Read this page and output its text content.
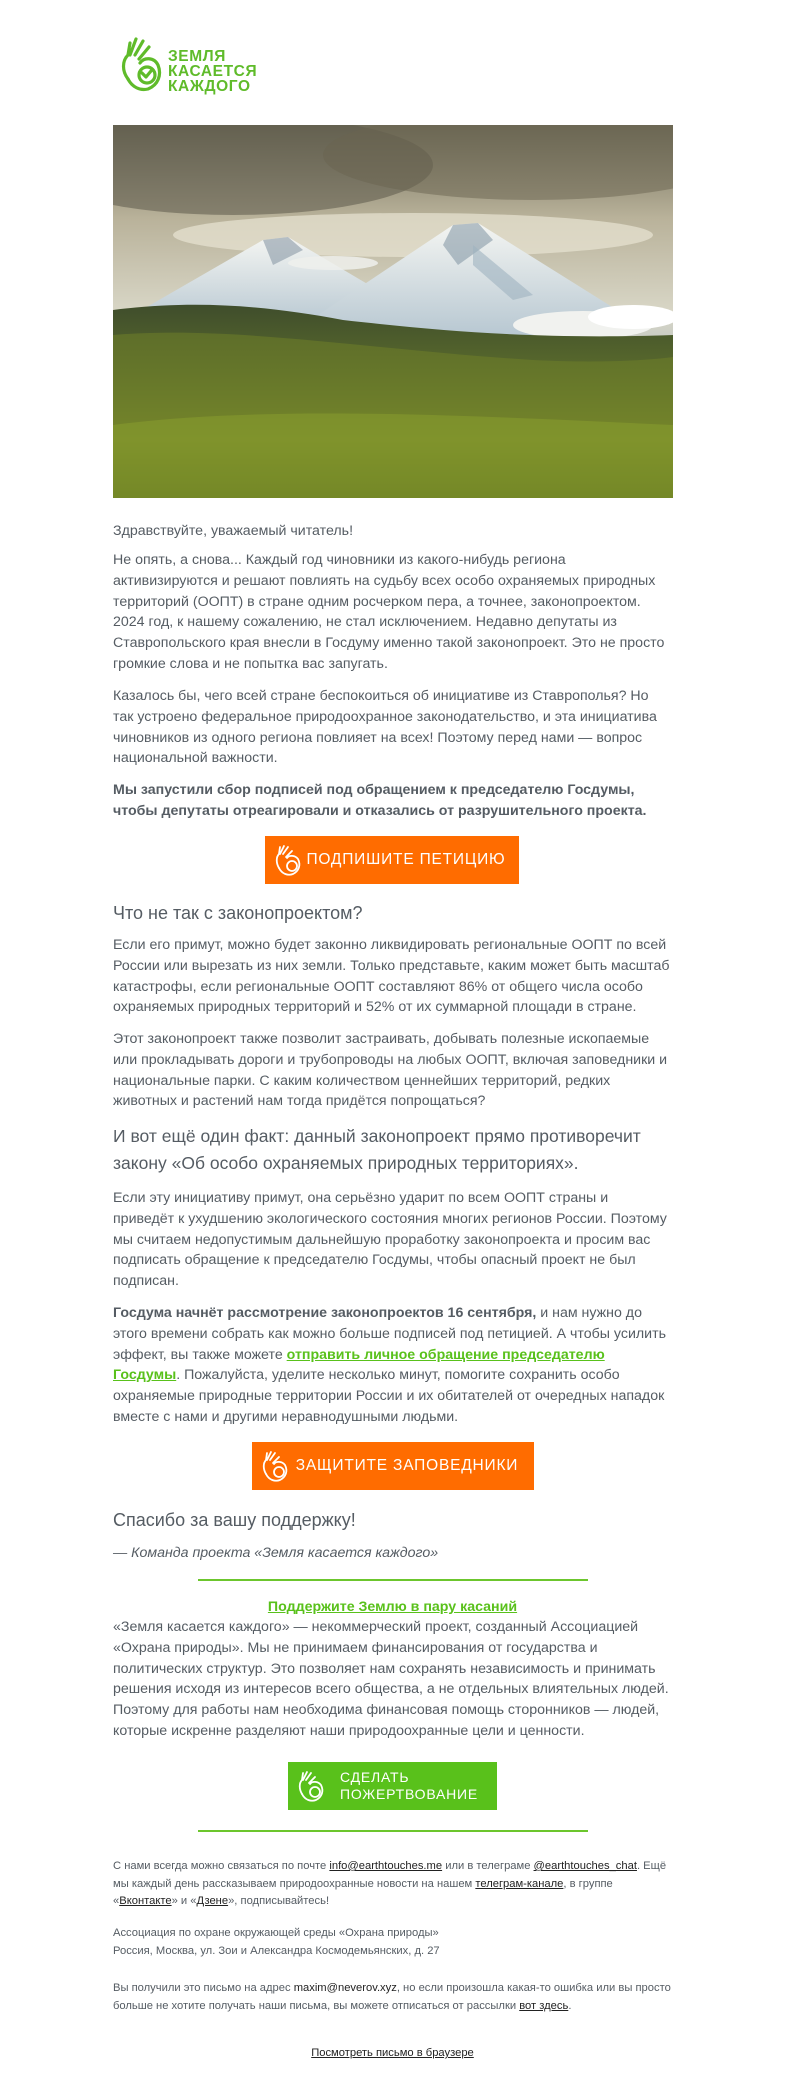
ЗЕМЛЯ
КАСАЕТСЯ
КАЖДОГО
Здравствуйте, уважаемый читатель!

Не опять, а снова... Каждый год чиновники из какого-нибудь региона активизируются и решают повлиять на судьбу всех особо охраняемых природных территорий (ООПТ) в стране одним росчерком пера, а точнее, законопроектом. 2024 год, к нашему сожалению, не стал исключением. Недавно депутаты из Ставропольского края внесли в Госдуму именно такой законопроект. Это не просто громкие слова и не попытка вас запугать.

Казалось бы, чего всей стране беспокоиться об инициативе из Ставрополья? Но так устроено федеральное природоохранное законодательство, и эта инициатива чиновников из одного региона повлияет на всех! Поэтому перед нами — вопрос национальной важности.

Мы запустили сбор подписей под обращением к председателю Госдумы, чтобы депутаты отреагировали и отказались от разрушительного проекта.

ПОДПИШИТЕ ПЕТИЦИЮ
Что не так с законопроектом?

Если его примут, можно будет законно ликвидировать региональные ООПТ по всей России или вырезать из них земли. Только представьте, каким может быть масштаб катастрофы, если региональные ООПТ составляют 86% от общего числа особо охраняемых природных территорий и 52% от их суммарной площади в стране.

Этот законопроект также позволит застраивать, добывать полезные ископаемые или прокладывать дороги и трубопроводы на любых ООПТ, включая заповедники и национальные парки. С каким количеством ценнейших территорий, редких животных и растений нам тогда придётся попрощаться?

И вот ещё один факт: данный законопроект прямо противоречит закону «Об особо охраняемых природных территориях».

Если эту инициативу примут, она серьёзно ударит по всем ООПТ страны и приведёт к ухудшению экологического состояния многих регионов России. Поэтому мы считаем недопустимым дальнейшую проработку законопроекта и просим вас подписать обращение к председателю Госдумы, чтобы опасный проект не был подписан.

Госдума начнёт рассмотрение законопроектов 16 сентября, и нам нужно до этого времени собрать как можно больше подписей под петицией. А чтобы усилить эффект, вы также можете отправить личное обращение председателю Госдумы. Пожалуйста, уделите несколько минут, помогите сохранить особо охраняемые природные территории России и их обитателей от очередных нападок вместе с нами и другими неравнодушными людьми.

ЗАЩИТИТЕ ЗАПОВЕДНИКИ
Спасибо за вашу поддержку!

— Команда проекта «Земля касается каждого»

Поддержите Землю в пару касаний

«Земля касается каждого» — некоммерческий проект, созданный Ассоциацией «Охрана природы». Мы не принимаем финансирования от государства и политических структур. Это позволяет нам сохранять независимость и принимать решения исходя из интересов всего общества, а не отдельных влиятельных людей. Поэтому для работы нам необходима финансовая помощь сторонников — людей, которые искренне разделяют наши природоохранные цели и ценности.

СДЕЛАТЬ
ПОЖЕРТВОВАНИЕ

С нами всегда можно связаться по почте info@earthtouches.me или в телеграме @earthtouches_chat. Ещё мы каждый день рассказываем природоохранные новости на нашем телеграм-канале, в группе «Вконтакте» и «Дзене», подписывайтесь!

Ассоциация по охране окружающей среды «Охрана природы»
Россия, Москва, ул. Зои и Александра Космодемьянских, д. 27

Вы получили это письмо на адрес maxim@neverov.xyz, но если произошла какая-то ошибка или вы просто больше не хотите получать наши письма, вы можете отписаться от рассылки вот здесь.

Посмотреть письмо в браузере
